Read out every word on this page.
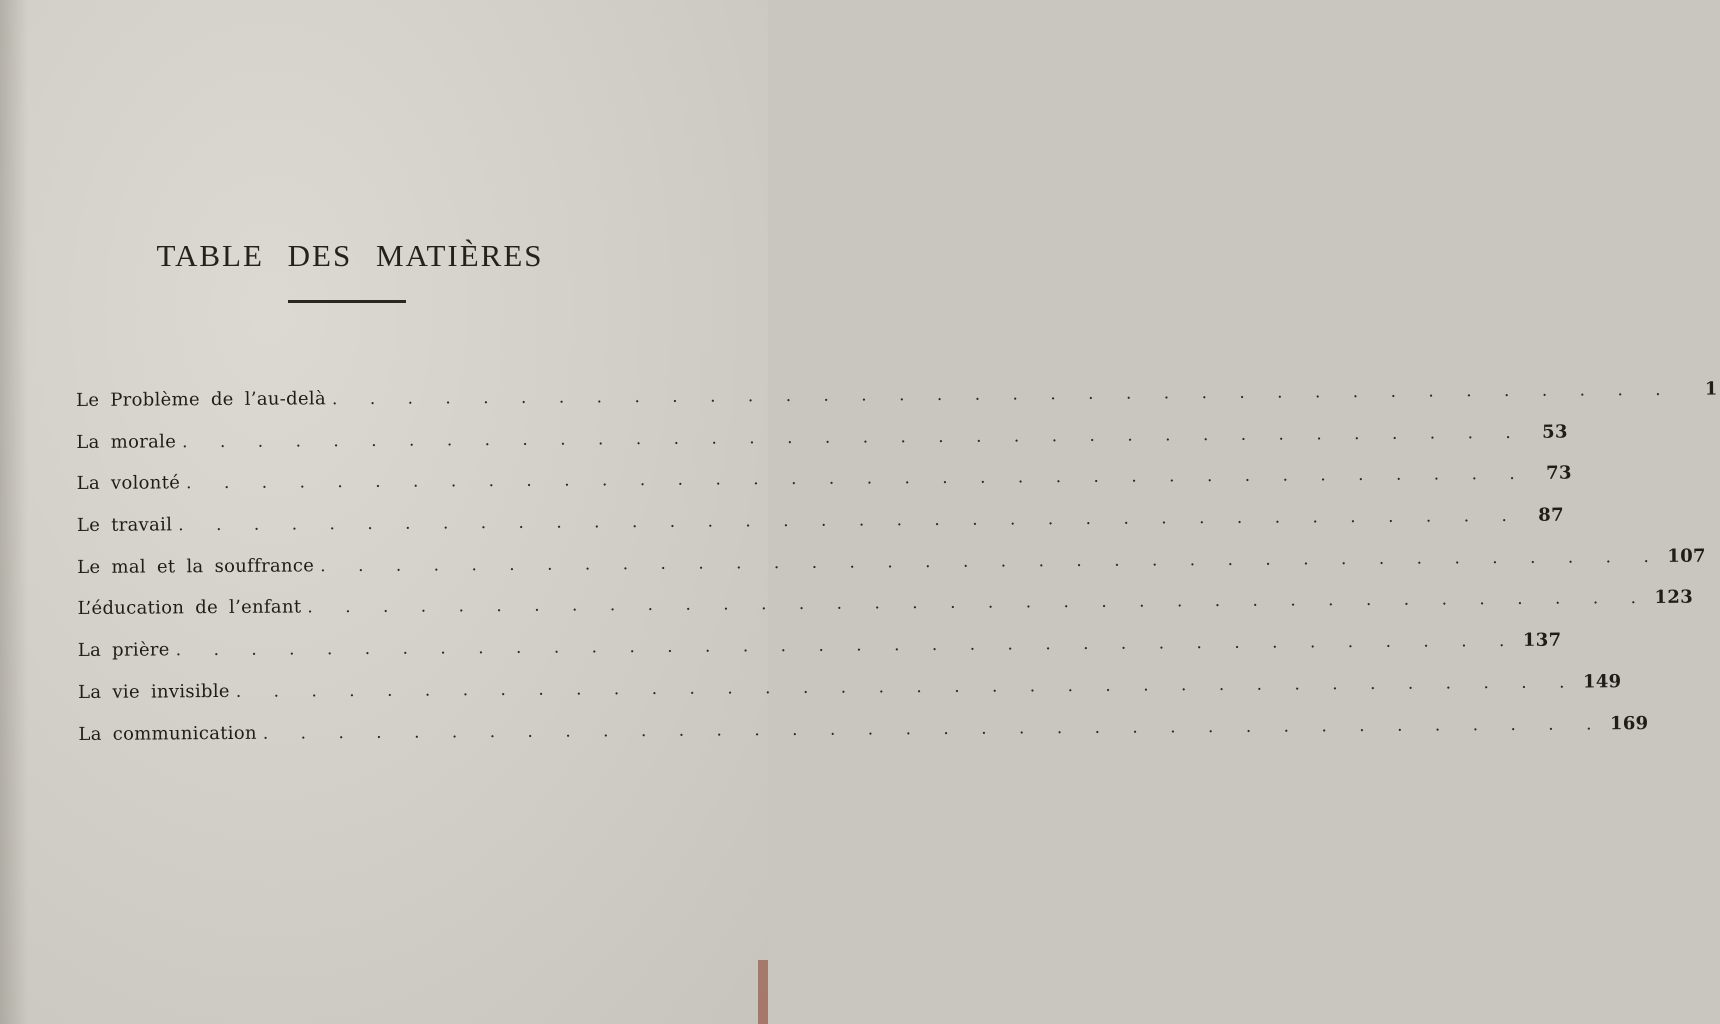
TABLE DES MATIÈRES
Le Problème de l’au-delà . . . . . . . . . . . . . . . . . . . . . . . . . . . . . . . . . . . .	1
La morale . . . . . . . . . . . . . . . . . . . . . . . . . . . . . . . . . . . .	53
La volonté . . . . . . . . . . . . . . . . . . . . . . . . . . . . . . . . . . . .	73
Le travail . . . . . . . . . . . . . . . . . . . . . . . . . . . . . . . . . . . .	87
Le mal et la souffrance . . . . . . . . . . . . . . . . . . . . . . . . . . . . . . . . . . . . 107
L’éducation de l’enfant . . . . . . . . . . . . . . . . . . . . . . . . . . . . . . . . . . . . 123
La prière . . . . . . . . . . . . . . . . . . . . . . . . . . . . . . . . . . . . 137
La vie invisible . . . . . . . . . . . . . . . . . . . . . . . . . . . . . . . . . . . . 149
La communication . . . . . . . . . . . . . . . . . . . . . . . . . . . . . . . . . . . . 169
